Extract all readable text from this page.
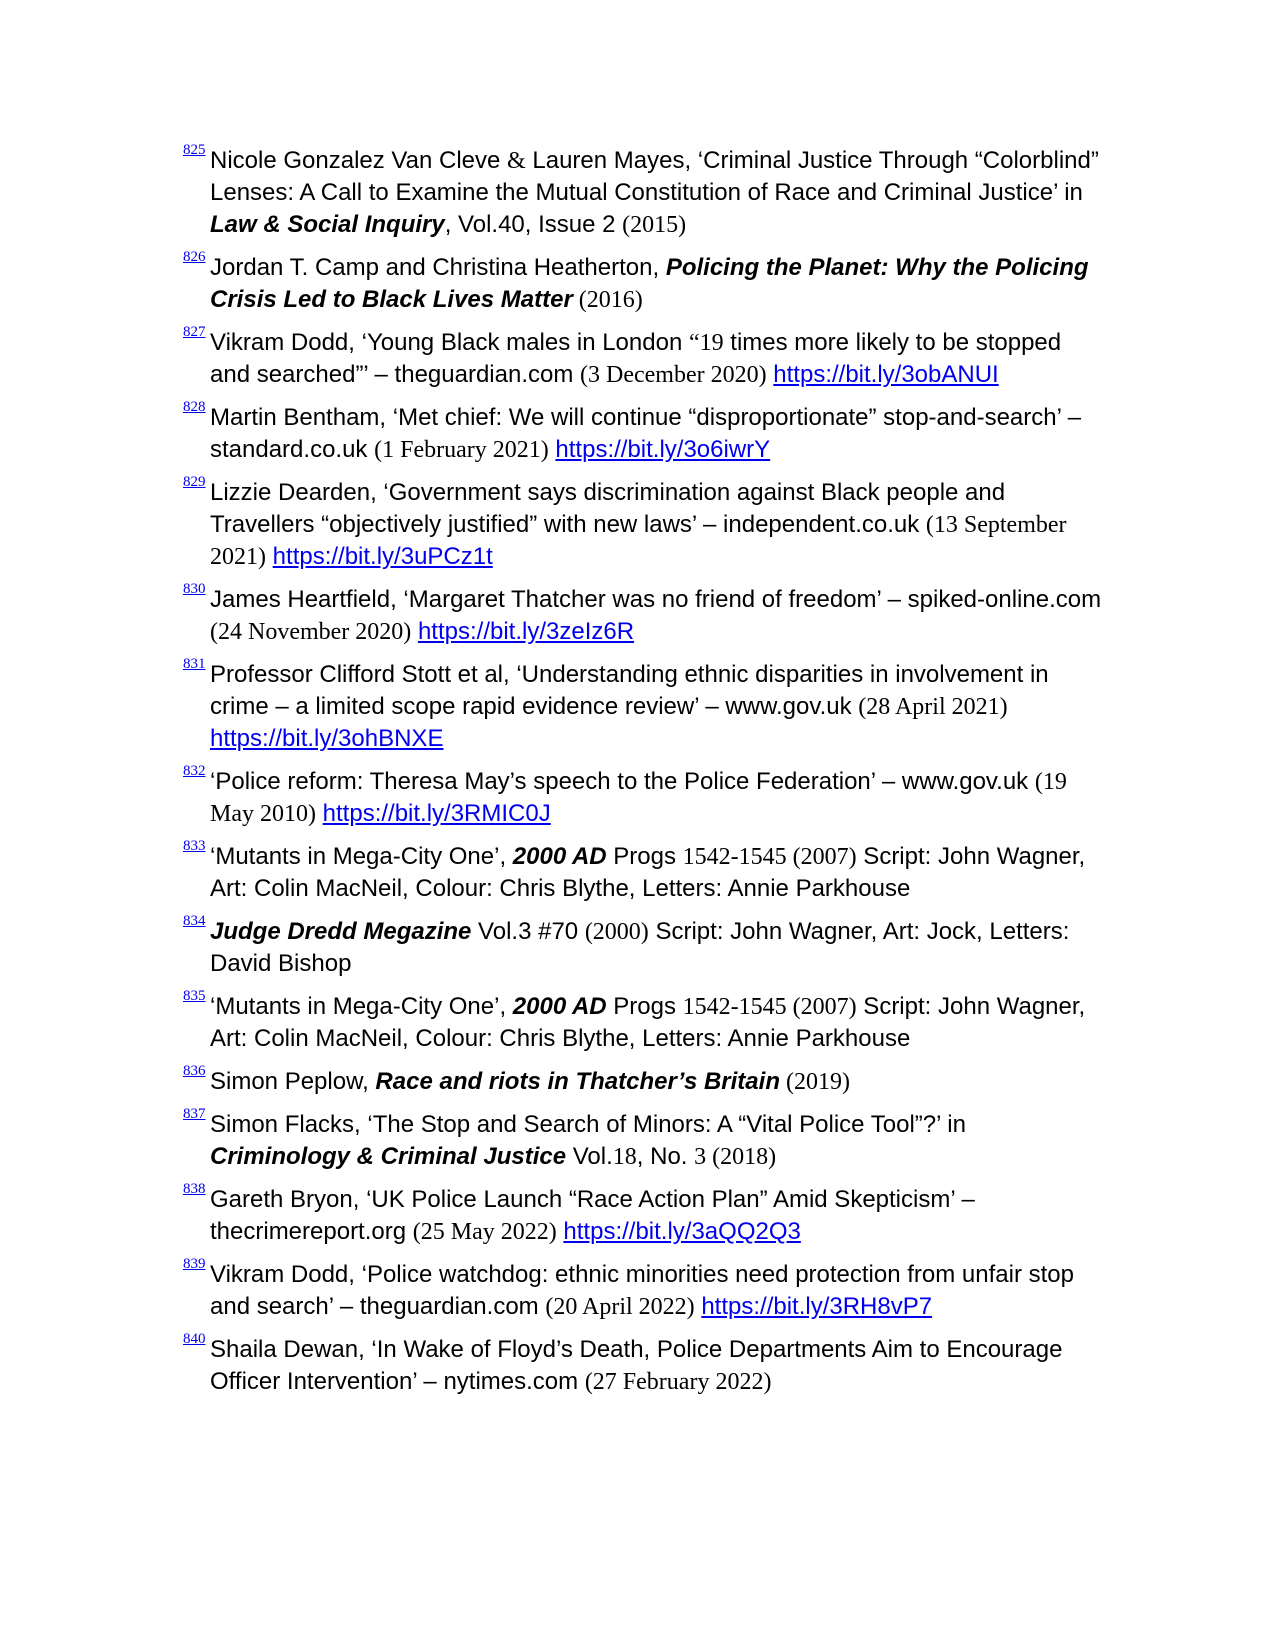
825 Nicole Gonzalez Van Cleve & Lauren Mayes, ‘Criminal Justice Through “Colorblind” Lenses: A Call to Examine the Mutual Constitution of Race and Criminal Justice’ in Law & Social Inquiry, Vol.40, Issue 2 (2015)
826 Jordan T. Camp and Christina Heatherton, Policing the Planet: Why the Policing Crisis Led to Black Lives Matter (2016)
827 Vikram Dodd, ‘Young Black males in London “19 times more likely to be stopped and searched”’ – theguardian.com (3 December 2020) https://bit.ly/3obANUI
828 Martin Bentham, ‘Met chief: We will continue “disproportionate” stop-and-search’ – standard.co.uk (1 February 2021) https://bit.ly/3o6iwrY
829 Lizzie Dearden, ‘Government says discrimination against Black people and Travellers “objectively justified” with new laws’ – independent.co.uk (13 September 2021) https://bit.ly/3uPCz1t
830 James Heartfield, ‘Margaret Thatcher was no friend of freedom’ – spiked-online.com (24 November 2020) https://bit.ly/3zeIz6R
831 Professor Clifford Stott et al, ‘Understanding ethnic disparities in involvement in crime – a limited scope rapid evidence review’ – www.gov.uk (28 April 2021) https://bit.ly/3ohBNXE
832 ‘Police reform: Theresa May’s speech to the Police Federation’ – www.gov.uk (19 May 2010) https://bit.ly/3RMIC0J
833 ‘Mutants in Mega-City One’, 2000 AD Progs 1542-1545 (2007) Script: John Wagner, Art: Colin MacNeil, Colour: Chris Blythe, Letters: Annie Parkhouse
834 Judge Dredd Megazine Vol.3 #70 (2000) Script: John Wagner, Art: Jock, Letters: David Bishop
835 ‘Mutants in Mega-City One’, 2000 AD Progs 1542-1545 (2007) Script: John Wagner, Art: Colin MacNeil, Colour: Chris Blythe, Letters: Annie Parkhouse
836 Simon Peplow, Race and riots in Thatcher’s Britain (2019)
837 Simon Flacks, ‘The Stop and Search of Minors: A “Vital Police Tool”?’ in Criminology & Criminal Justice Vol.18, No. 3 (2018)
838 Gareth Bryon, ‘UK Police Launch “Race Action Plan” Amid Skepticism’ – thecrimereport.org (25 May 2022) https://bit.ly/3aQQ2Q3
839 Vikram Dodd, ‘Police watchdog: ethnic minorities need protection from unfair stop and search’ – theguardian.com (20 April 2022) https://bit.ly/3RH8vP7
840 Shaila Dewan, ‘In Wake of Floyd’s Death, Police Departments Aim to Encourage Officer Intervention’ – nytimes.com (27 February 2022)
